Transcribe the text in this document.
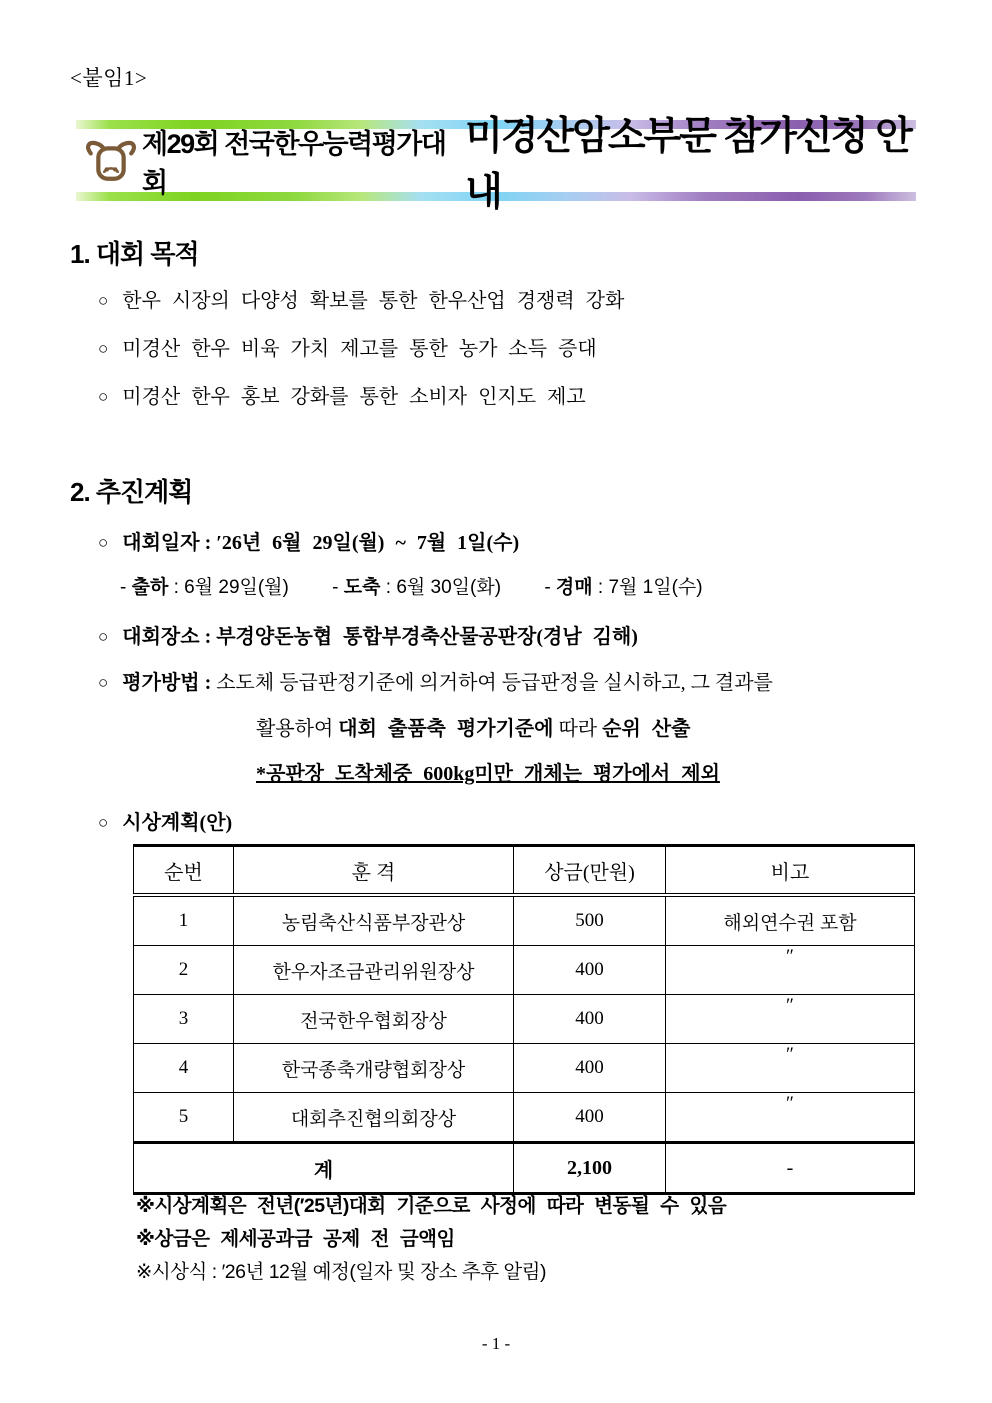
<붙임1>
제29회 전국한우능력평가대회
미경산암소부문 참가신청 안내
1. 대회 목적
○ 한우 시장의 다양성 확보를 통한 한우산업 경쟁력 강화
○ 미경산 한우 비육 가치 제고를 통한 농가 소득 증대
○ 미경산 한우 홍보 강화를 통한 소비자 인지도 제고
2. 추진계획
○ 대회일자 : ′26년 6월 29일(월) ~ 7월 1일(수)
- 출하 : 6월 29일(월) - 도축 : 6월 30일(화) - 경매 : 7월 1일(수)
○ 대회장소 : 부경양돈농협 통합부경축산물공판장(경남 김해)
○ 평가방법 : 소도체 등급판정기준에 의거하여 등급판정을 실시하고, 그 결과를
활용하여 대회 출품축 평가기준에 따라 순위 산출
*공판장 도착체중 600kg미만 개체는 평가에서 제외
○ 시상계획(안)
순번	훈 격	상금(만원)	비고
1	농림축산식품부장관상	500	해외연수권 포함
2	한우자조금관리위원장상	400	″
3	전국한우협회장상	400	″
4	한국종축개량협회장상	400	″
5	대회추진협의회장상	400	″
계		2,100	-
※시상계획은 전년(′25년)대회 기준으로 사정에 따라 변동될 수 있음
※상금은 제세공과금 공제 전 금액임
※시상식 : ′26년 12월 예정(일자 및 장소 추후 알림)
- 1 -
